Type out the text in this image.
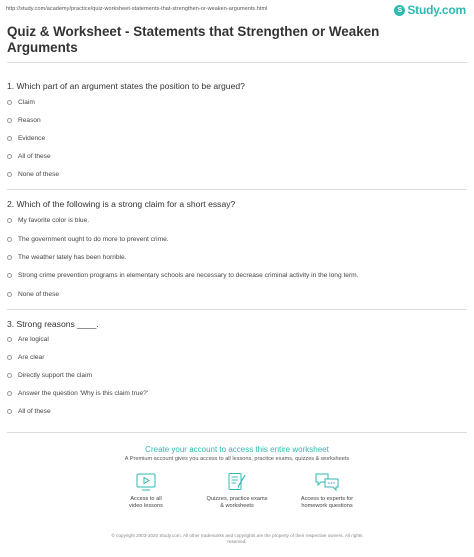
http://study.com/academy/practice/quiz-worksheet-statements-that-strengthen-or-weaken-arguments.html	S Study.com
Quiz & Worksheet - Statements that Strengthen or Weaken Arguments
1. Which part of an argument states the position to be argued?
Claim
Reason
Evidence
All of these
None of these
2. Which of the following is a strong claim for a short essay?
My favorite color is blue.
The government ought to do more to prevent crime.
The weather lately has been horrible.
Strong crime prevention programs in elementary schools are necessary to decrease criminal activity in the long term.
None of these
3. Strong reasons ____.
Are logical
Are clear
Directly support the claim
Answer the question 'Why is this claim true?'
All of these
Create your account to access this entire worksheet
A Premium account gives you access to all lessons, practice exams, quizzes & worksheets
Access to all
video lessons
Quizzes, practice exams
& worksheets
Access to experts for
homework questions
© copyright 2003-2020 Study.com. All other trademarks and copyrights are the property of their respective owners. All rights
reserved.
